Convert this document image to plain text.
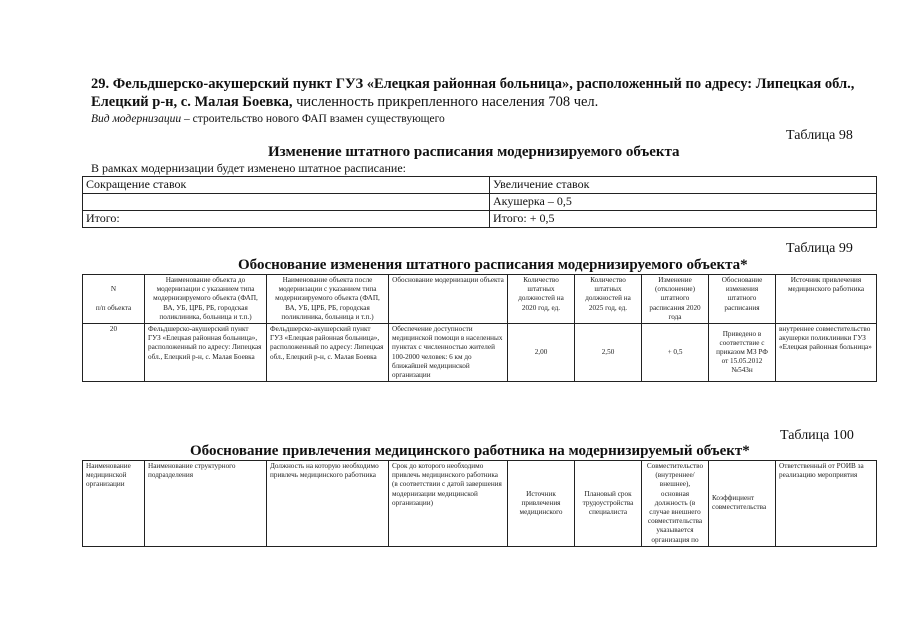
29. Фельдшерско-акушерский пункт ГУЗ «Елецкая районная больница», расположенный по адресу: Липецкая обл., Елецкий р-н, с. Малая Боевка, численность прикрепленного населения 708 чел.
Вид модернизации – строительство нового ФАП взамен существующего
Таблица 98
Изменение штатного расписания модернизируемого объекта
В рамках модернизации будет изменено штатное расписание:
Сокращение ставок	Увеличение ставок
	Акушерка – 0,5
Итого:	Итого: + 0,5
Таблица 99
Обоснование изменения штатного расписания модернизируемого объекта*
N

п/п объекта	Наименование объекта до модернизации с указанием типа модернизируемого объекта (ФАП, ВА, УБ, ЦРБ, РБ, городская поликлиника, больница и т.п.)	Наименование объекта после модернизации с указанием типа модернизируемого объекта (ФАП, ВА, УБ, ЦРБ, РБ, городская поликлиника, больница и т.п.)	Обоснование модернизации объекта	Количество штатных должностей на 2020 год, ед.	Количество штатных должностей на 2025 год, ед.	Изменение (отклонение) штатного расписания 2020 года	Обоснование изменения штатного расписания	Источник привлечения медицинского работника
20	Фельдшерско-акушерский пункт ГУЗ «Елецкая районная больница», расположенный по адресу: Липецкая обл., Елецкий р-н, с. Малая Боевка	Фельдшерско-акушерский пункт ГУЗ «Елецкая районная больница», расположенный по адресу: Липецкая обл., Елецкий р-н, с. Малая Боевка	Обеспечение доступности медицинской помощи в населенных пунктах с численностью жителей 100-2000 человек: 6 км до ближайшей медицинской организации	2,00	2,50	+ 0,5	Приведено в соответствие с приказом МЗ РФ от 15.05.2012 №543н	внутреннее совместительство акушерки поликлиники ГУЗ «Елецкая районная больница»
Таблица 100
Обоснование привлечения медицинского работника на модернизируемый объект*
Наименование медицинской организации	Наименование структурного подразделения	Должность на которую необходимо привлечь медицинского работника	Срок до которого необходимо привлечь медицинского работника (в соответствии с датой завершения модернизации медицинской организации)	Источник привлечения медицинского	Плановый срок трудоустройства специалиста	Совместительство (внутреннее/внешнее), основная должность (в случае внешнего совместительства указывается организация по	Коэффициент совместительства	Ответственный от РОИВ за реализацию мероприятия
